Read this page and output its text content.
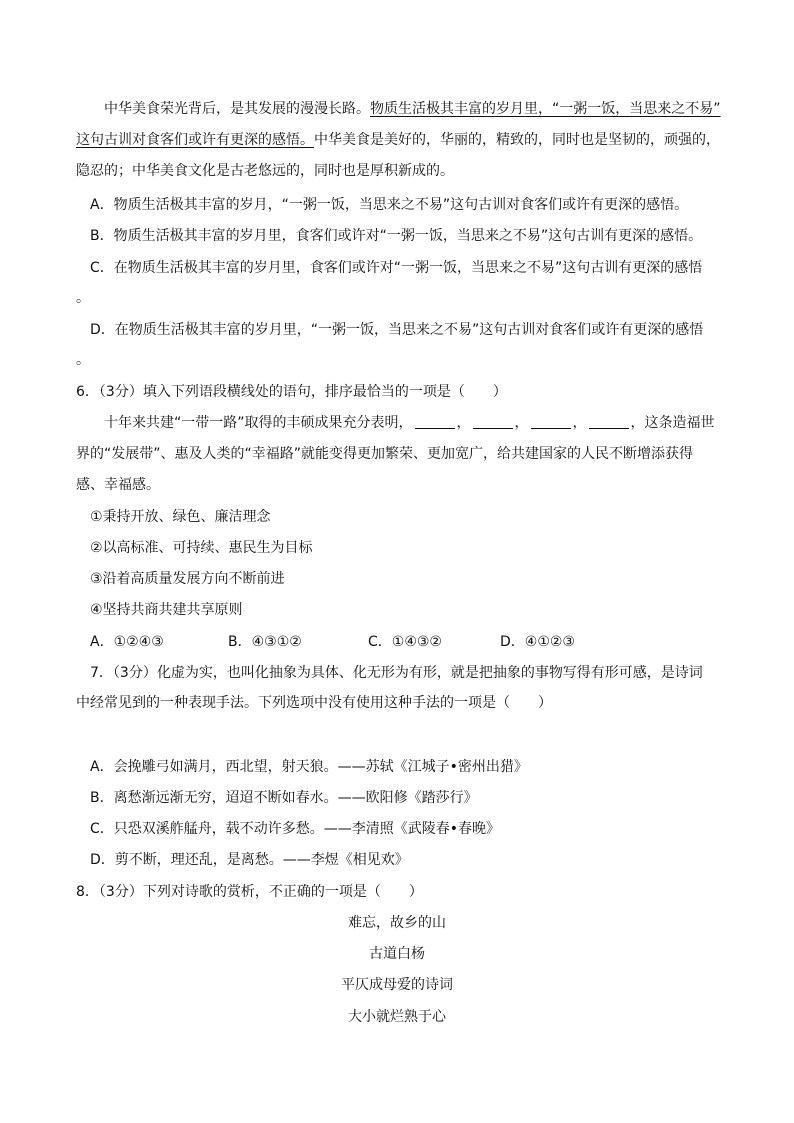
中华美食荣光背后，是其发展的漫漫长路。物质生活极其丰富的岁月里，“一粥一饭，当思来之不易”
这句古训对食客们或许有更深的感悟。中华美食是美好的，华丽的，精致的，同时也是坚韧的，顽强的，
隐忍的；中华美食文化是古老悠远的，同时也是厚积新成的。
A．物质生活极其丰富的岁月，“一粥一饭，当思来之不易”这句古训对食客们或许有更深的感悟。
B．物质生活极其丰富的岁月里，食客们或许对“一粥一饭，当思来之不易”这句古训有更深的感悟。
C．在物质生活极其丰富的岁月里，食客们或许对“一粥一饭，当思来之不易”这句古训有更深的感悟
。
D．在物质生活极其丰富的岁月里，“一粥一饭，当思来之不易”这句古训对食客们或许有更深的感悟
。
6．（3分）填入下列语段横线处的语句，排序最恰当的一项是（　　）
十年来共建“一带一路”取得的丰硕成果充分表明，	，	，	，	，这条造福世
界的“发展带”、惠及人类的“幸福路”就能变得更加繁荣、更加宽广，给共建国家的人民不断增添获得
感、幸福感。
①秉持开放、绿色、廉洁理念
②以高标准、可持续、惠民生为目标
③沿着高质量发展方向不断前进
④坚持共商共建共享原则
A．①②④③	B．④③①②	C．①④③②	D．④①②③
7．（3分）化虚为实，也叫化抽象为具体、化无形为有形，就是把抽象的事物写得有形可感，是诗词
中经常见到的一种表现手法。下列选项中没有使用这种手法的一项是（　　）
A．会挽雕弓如满月，西北望，射天狼。——苏轼《江城子•密州出猎》
B．离愁渐远渐无穷，迢迢不断如春水。——欧阳修《踏莎行》
C．只恐双溪舴艋舟，载不动许多愁。——李清照《武陵春•春晚》
D．剪不断，理还乱，是离愁。——李煜《相见欢》
8．（3分）下列对诗歌的赏析，不正确的一项是（　　）
难忘，故乡的山
古道白杨
平仄成母爱的诗词
大小就烂熟于心
